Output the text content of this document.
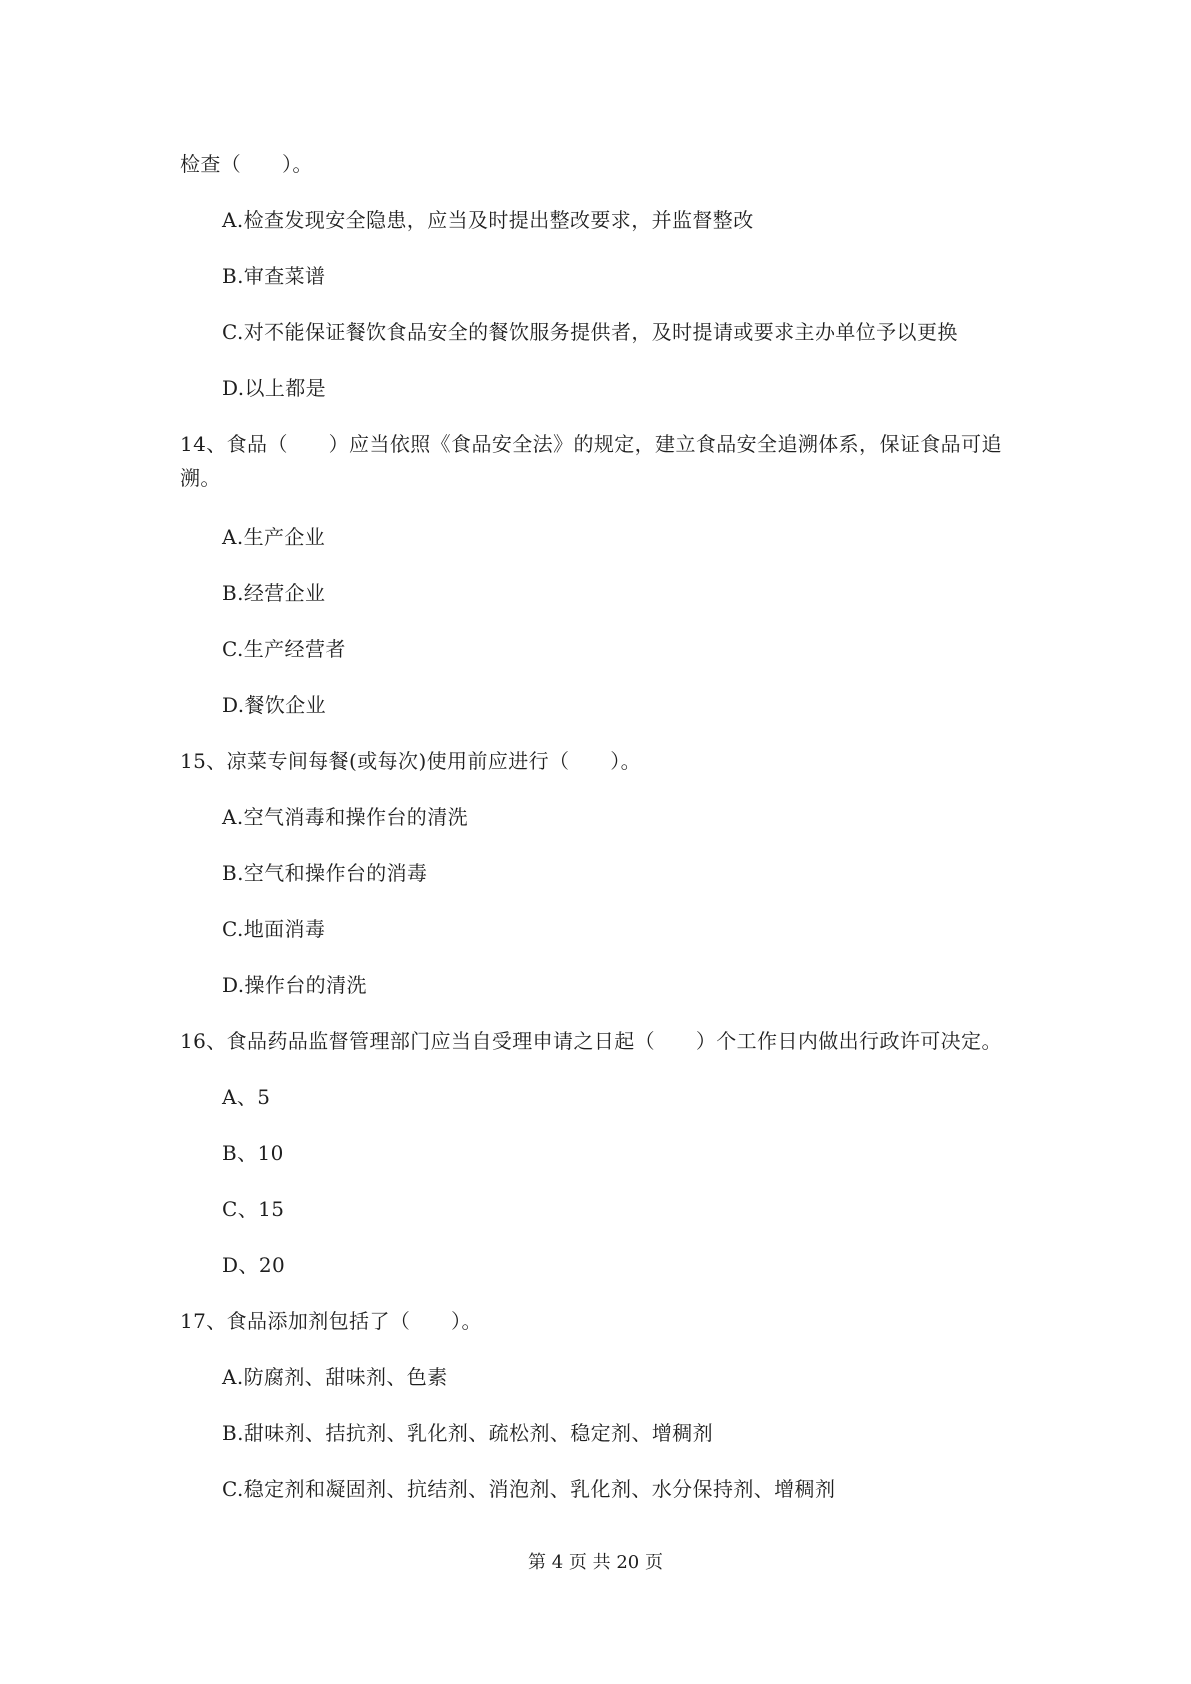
检查（　　）。
A.检查发现安全隐患，应当及时提出整改要求，并监督整改
B.审查菜谱
C.对不能保证餐饮食品安全的餐饮服务提供者，及时提请或要求主办单位予以更换
D.以上都是
14、食品（　　）应当依照《食品安全法》的规定，建立食品安全追溯体系，保证食品可追溯。
A.生产企业
B.经营企业
C.生产经营者
D.餐饮企业
15、凉菜专间每餐(或每次)使用前应进行（　　）。
A.空气消毒和操作台的清洗
B.空气和操作台的消毒
C.地面消毒
D.操作台的清洗
16、食品药品监督管理部门应当自受理申请之日起（　　）个工作日内做出行政许可决定。
A、5
B、10
C、15
D、20
17、食品添加剂包括了（　　）。
A.防腐剂、甜味剂、色素
B.甜味剂、拮抗剂、乳化剂、疏松剂、稳定剂、增稠剂
C.稳定剂和凝固剂、抗结剂、消泡剂、乳化剂、水分保持剂、增稠剂
第 4 页 共 20 页
